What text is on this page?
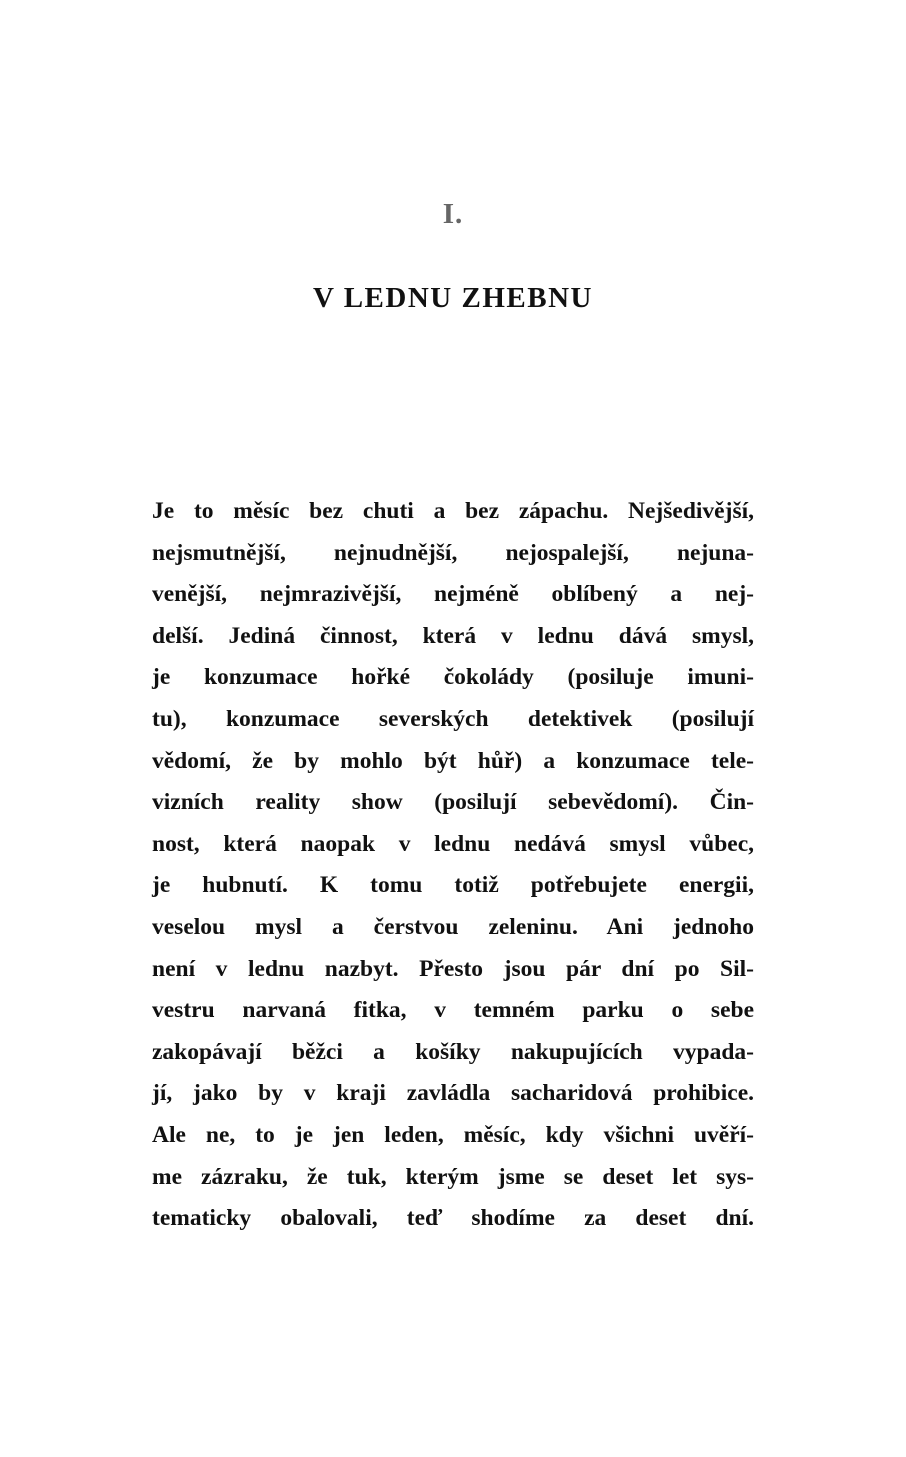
I.
V LEDNU ZHEBNU
Je to měsíc bez chuti a bez zápachu. Nejšedivější,
nejsmutnější, nejnudnější, nejospalejší, nejuna-
venější, nejmrazivější, nejméně oblíbený a nej-
delší. Jediná činnost, která v lednu dává smysl,
je konzumace hořké čokolády (posiluje imuni-
tu), konzumace severských detektivek (posilují
vědomí, že by mohlo být hůř) a konzumace tele-
vizních reality show (posilují sebevědomí). Čin-
nost, která naopak v lednu nedává smysl vůbec,
je hubnutí. K tomu totiž potřebujete energii,
veselou mysl a čerstvou zeleninu. Ani jednoho
není v lednu nazbyt. Přesto jsou pár dní po Sil-
vestru narvaná fitka, v temném parku o sebe
zakopávají běžci a košíky nakupujících vypada-
jí, jako by v kraji zavládla sacharidová prohibice.
Ale ne, to je jen leden, měsíc, kdy všichni uvěří-
me zázraku, že tuk, kterým jsme se deset let sys-
tematicky obalovali, teď shodíme za deset dní.
